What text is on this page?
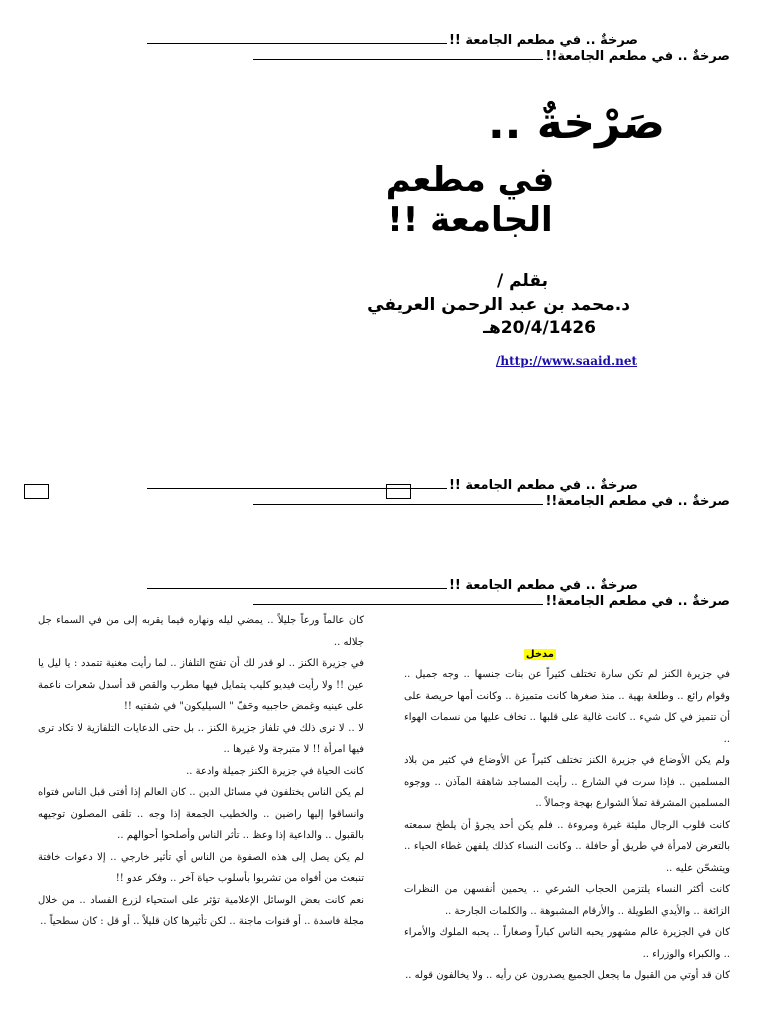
صرخةٌ .. في مطعم الجامعة !!
صرخةٌ .. في مطعم الجامعة!!
صَرْخةٌ ..
في مطعم
الجامعة !!
بقلم /
د.محمد بن عبد الرحمن العريفي
20/4/1426هـ
/http://www.saaid.net
صرخةٌ .. في مطعم الجامعة !!
صرخةٌ .. في مطعم الجامعة!!
صرخةٌ .. في مطعم الجامعة !!
صرخةٌ .. في مطعم الجامعة!!
مدخل

في جزيرة الكنز لم تكن سارة تختلف كثيراً عن بنات جنسها .. وجه جميل .. وقوام رائع .. وطلعة بهية .. منذ صغرها كانت متميزة .. وكانت أمها حريصة على أن تتميز في كل شيء .. كانت غالية على قلبها .. تخاف عليها من نسمات الهواء ..

ولم يكن الأوضاع في جزيرة الكنز تختلف كثيراً عن الأوضاع في كثير من بلاد المسلمين .. فإذا سرت في الشارع .. رأيت المساجد شاهقة المآذن .. ووجوه المسلمين المشرقة تملأ الشوارع بهجة وجمالاً ..

كانت قلوب الرجال مليئة غيرة ومروءة .. فلم يكن أحد يجرؤ أن يلطخ سمعته بالتعرض لامرأة في طريق أو حافلة .. وكانت النساء كذلك يلفهن غطاء الحياء .. ويتشحّن عليه ..

كانت أكثر النساء يلتزمن الحجاب الشرعي .. يحمين أنفسهن من النظرات الزائغة .. والأيدي الطويلة .. والأرقام المشبوهة .. والكلمات الجارحة ..

كان في الجزيرة عالم مشهور يحبه الناس كباراً وصغاراً .. يحبه الملوك والأمراء .. والكبراء والوزراء ..

كان قد أوتي من القبول ما يجعل الجميع يصدرون عن رأيه .. ولا يخالفون قوله ..

كان عالماً ورعاً جليلاً .. يمضي ليله ونهاره فيما يقربه إلى من في السماء جل جلاله ..

في جزيرة الكنز .. لو قدر لك أن تفتح التلفاز .. لما رأيت مغنية تتمدد : يا ليل يا عين !! ولا رأيت فيديو كليب يتمايل فيها مطرب والقص قد أسدل شعرات ناعمة على عينيه وغمض حاجبيه وحَفّ " السيليكون" في شفتيه !!

لا .. لا ترى ذلك في تلفاز جزيرة الكنز .. بل حتى الدعايات التلفازية لا تكاد ترى فيها امرأة !! لا متبرجة ولا غيرها ..

كانت الحياة في جزيرة الكنز جميلة وادعة ..

لم يكن الناس يختلفون في مسائل الدين .. كان العالم إذا أفتى قبل الناس فتواه وانساقوا إليها راضين .. والخطيب الجمعة إذا وجه .. تلقى المصلون توجيهه بالقبول .. والداعية إذا وعظ .. تأثر الناس وأصلحوا أحوالهم ..

لم يكن يصل إلى هذه الصفوة من الناس أي تأثير خارجي .. إلا دعوات خافتة تنبعث من أفواه من تشربوا بأسلوب حياة آخر .. وفكر عدو !!

نعم كانت بعض الوسائل الإعلامية تؤثر على استحياء لزرع الفساد .. من خلال مجلة فاسدة .. أو قنوات ماجنة .. لكن تأثيرها كان قليلاً .. أو قل : كان سطحياً ..
